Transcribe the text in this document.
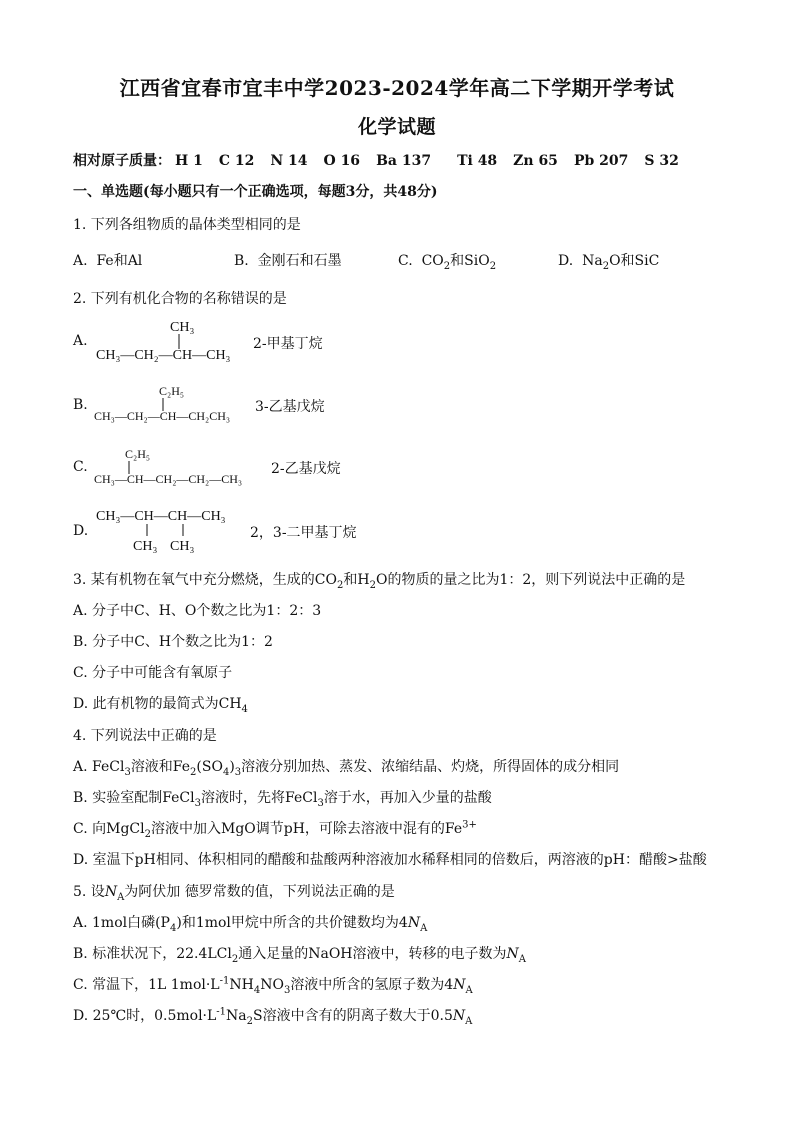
江西省宜春市宜丰中学2023-2024学年高二下学期开学考试
化学试题
相对原子质量： H 1 C 12 N 14 O 16 Ba 137 Ti 48 Zn 65 Pb 207 S 32
一、单选题(每小题只有一个正确选项，每题3分，共48分)
1. 下列各组物质的晶体类型相同的是
A. Fe和Al	B. 金刚石和石墨	C. $CO_2$和SiO$_2$	D. $Na_2O$和SiC
2. 下列有机化合物的名称错误的是
A.
CH₃
CH₃—CH₂—CH—CH₃
2-甲基丁烷
B.
C₂H₅
CH₃—CH₂—CH—CH₂CH₃
3-乙基戊烷
C.
C₂H₅
CH₃—CH—CH₂—CH₂—CH₃
2-乙基戊烷
D.
CH₃—CH—CH—CH₃
CH₃ CH₃
2，3-二甲基丁烷
3. 某有机物在氧气中充分燃烧，生成的$CO_2$和$H_2O$的物质的量之比为1：2，则下列说法中正确的是
A. 分子中C、H、O个数之比为1：2：3
B. 分子中C、H个数之比为1：2
C. 分子中可能含有氧原子
D. 此有机物的最简式为$CH_4$
4. 下列说法中正确的是
A. FeCl$_3$溶液和$Fe_2(SO_4)_3$溶液分别加热、蒸发、浓缩结晶、灼烧，所得固体的成分相同
B. 实验室配制FeCl$_3$溶液时，先将FeCl$_3$溶于水，再加入少量的盐酸
C. 向MgCl$_2$溶液中加入MgO调节pH，可除去溶液中混有的$Fe^{3+}$
D. 室温下pH相同、体积相同的醋酸和盐酸两种溶液加水稀释相同的倍数后，两溶液的pH：醋酸>盐酸
5. 设$N_A$为阿伏加 德罗常数的值，下列说法正确的是
A. 1mol白磷$(P_4)$和1mol甲烷中所含的共价键数均为$4N_A$
B. 标准状况下，22.4LCl$_2$通入足量的NaOH溶液中，转移的电子数为$N_A$
C. 常温下，1L $1mol\cdot L^{-1}NH_4NO_3$溶液中所含的氢原子数为$4N_A$
D. 25℃时，$0.5mol\cdot L^{-1}Na_2S$溶液中含有的阴离子数大于$0.5N_A$
